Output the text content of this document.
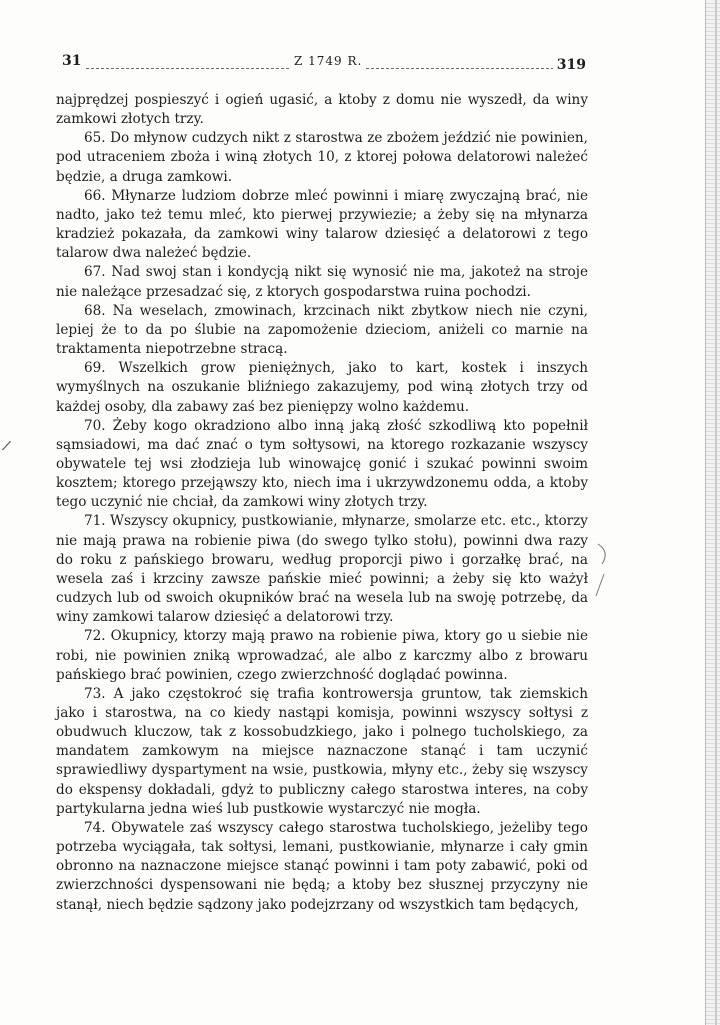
31	Z 1749 R.	319

najprędzej pospieszyć i ogień ugasić, a ktoby z domu nie wyszedł, da winy zamkowi złotych trzy.

65. Do młynow cudzych nikt z starostwa ze zbożem jeździć nie powinien, pod utraceniem zboża i winą złotych 10, z ktorej połowa delatorowi należeć będzie, a druga zamkowi.

66. Młynarze ludziom dobrze mleć powinni i miarę zwyczajną brać, nie nadto, jako też temu mleć, kto pierwej przywiezie; a żeby się na młynarza kradzież pokazała, da zamkowi winy talarow dziesięć a delatorowi z tego talarow dwa należeć będzie.

67. Nad swoj stan i kondycją nikt się wynosić nie ma, jakoteż na stroje nie należące przesadzać się, z ktorych gospodarstwa ruina pochodzi.

68. Na weselach, zmowinach, krzcinach nikt zbytkow niech nie czyni, lepiej że to da po ślubie na zapomożenie dzieciom, aniżeli co marnie na traktamenta niepotrzebne stracą.

69. Wszelkich grow pieniężnych, jako to kart, kostek i inszych wymyślnych na oszukanie bliźniego zakazujemy, pod winą złotych trzy od każdej osoby, dla zabawy zaś bez pieniępzy wolno każdemu.

70. Żeby kogo okradziono albo inną jaką złość szkodliwą kto popełnił sąmsiadowi, ma dać znać o tym sołtysowi, na ktorego rozkazanie wszyscy obywatele tej wsi złodzieja lub winowajcę gonić i szukać powinni swoim kosztem; ktorego przejąwszy kto, niech ima i ukrzywdzonemu odda, a ktoby tego uczynić nie chciał, da zamkowi winy złotych trzy.

71. Wszyscy okupnicy, pustkowianie, młynarze, smolarze etc. etc., ktorzy nie mają prawa na robienie piwa (do swego tylko stołu), powinni dwa razy do roku z pańskiego browaru, według proporcji piwo i gorzałkę brać, na wesela zaś i krzciny zawsze pańskie mieć powinni; a żeby się kto ważył cudzych lub od swoich okupników brać na wesela lub na swoję potrzebę, da winy zamkowi talarow dziesięć a delatorowi trzy.

72. Okupnicy, ktorzy mają prawo na robienie piwa, ktory go u siebie nie robi, nie powinien zniką wprowadzać, ale albo z karczmy albo z browaru pańskiego brać powinien, czego zwierzchność doglądać powinna.

73. A jako częstokroć się trafia kontrowersja gruntow, tak ziemskich jako i starostwa, na co kiedy nastąpi komisja, powinni wszyscy sołtysi z obudwuch kluczow, tak z kossobudzkiego, jako i polnego tucholskiego, za mandatem zamkowym na miejsce naznaczone stanąć i tam uczynić sprawiedliwy dyspartyment na wsie, pustkowia, młyny etc., żeby się wszyscy do ekspensy dokładali, gdyż to publiczny całego starostwa interes, na coby partykularna jedna wieś lub pustkowie wystarczyć nie mogła.

74. Obywatele zaś wszyscy całego starostwa tucholskiego, jeżeliby tego potrzeba wyciągała, tak sołtysi, lemani, pustkowianie, młynarze i cały gmin obronno na naznaczone miejsce stanąć powinni i tam poty zabawić, poki od zwierzchności dyspensowani nie będą; a ktoby bez słusznej przyczyny nie stanął, niech będzie sądzony jako podejzrzany od wszystkich tam będących,

/
